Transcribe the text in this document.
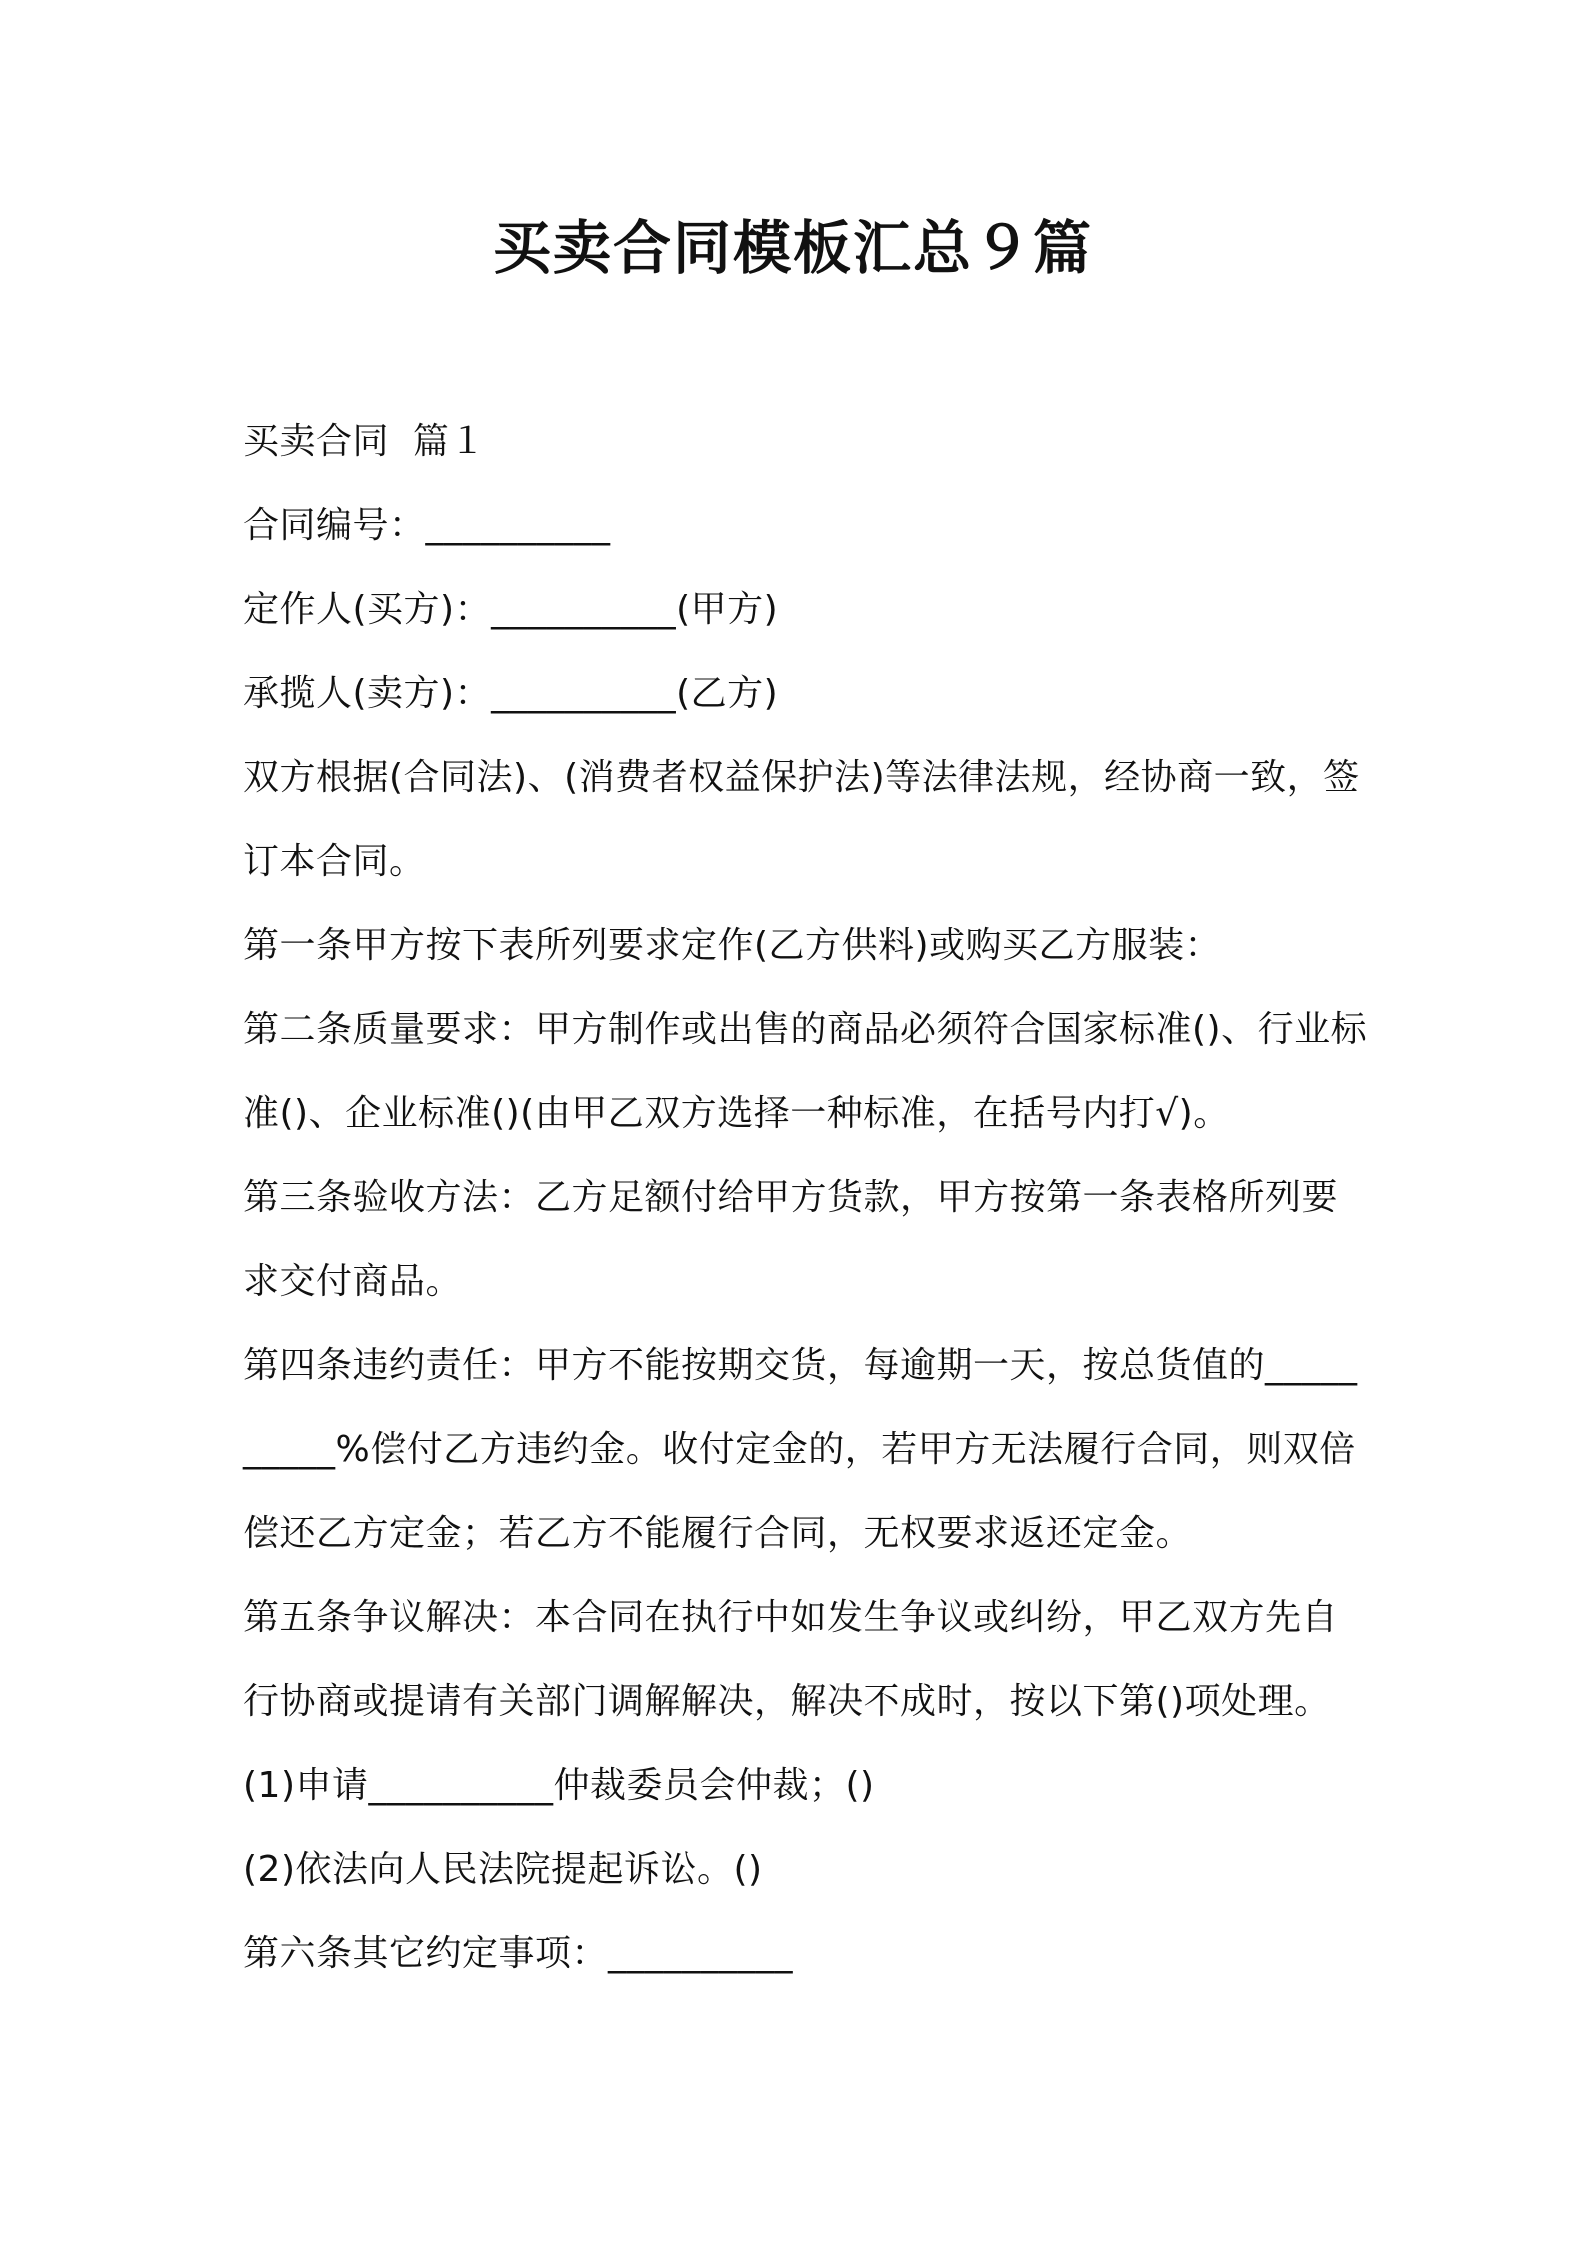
买卖合同模板汇总９篇

买卖合同  篇１

合同编号：__________

定作人(买方)：__________(甲方)

承揽人(卖方)：__________(乙方)

双方根据(合同法)、(消费者权益保护法)等法律法规，经协商一致，签订本合同。

第一条甲方按下表所列要求定作(乙方供料)或购买乙方服装：

第二条质量要求：甲方制作或出售的商品必须符合国家标准()、行业标准()、企业标准()(由甲乙双方选择一种标准，在括号内打√)。

第三条验收方法：乙方足额付给甲方货款，甲方按第一条表格所列要求交付商品。

第四条违约责任：甲方不能按期交货，每逾期一天，按总货值的__________%偿付乙方违约金。收付定金的，若甲方无法履行合同，则双倍偿还乙方定金；若乙方不能履行合同，无权要求返还定金。

第五条争议解决：本合同在执行中如发生争议或纠纷，甲乙双方先自行协商或提请有关部门调解解决，解决不成时，按以下第()项处理。

(1)申请__________仲裁委员会仲裁；()

(2)依法向人民法院提起诉讼。()

第六条其它约定事项：__________
